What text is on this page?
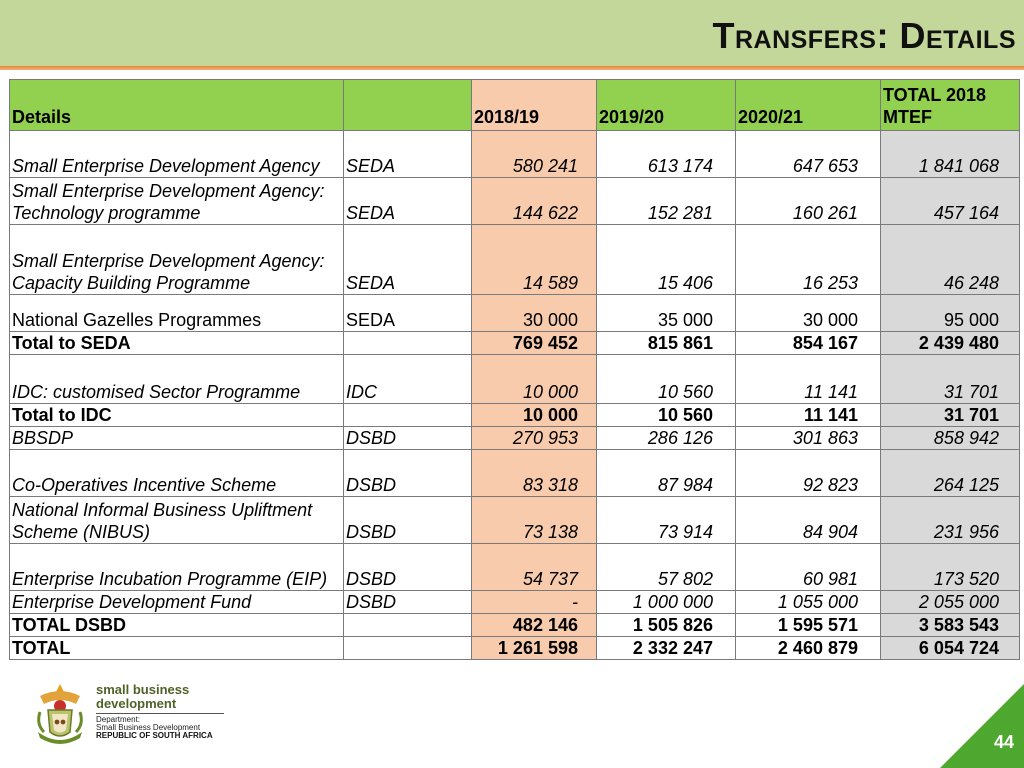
Transfers: Details
Details		2018/19	2019/20	2020/21	TOTAL 2018 MTEF
Small Enterprise Development Agency	SEDA	580 241	613 174	647 653	1 841 068
Small Enterprise Development Agency: Technology programme	SEDA	144 622	152 281	160 261	457 164
Small Enterprise Development Agency: Capacity Building Programme	SEDA	14 589	15 406	16 253	46 248
National Gazelles Programmes	SEDA	30 000	35 000	30 000	95 000
Total to SEDA		769 452	815 861	854 167	2 439 480
IDC: customised Sector Programme	IDC	10 000	10 560	11 141	31 701
Total to IDC		10 000	10 560	11 141	31 701
BBSDP	DSBD	270 953	286 126	301 863	858 942
Co-Operatives Incentive Scheme	DSBD	83 318	87 984	92 823	264 125
National Informal Business Upliftment Scheme (NIBUS)	DSBD	73 138	73 914	84 904	231 956
Enterprise Incubation Programme (EIP)	DSBD	54 737	57 802	60 981	173 520
Enterprise Development Fund	DSBD	-	1 000 000	1 055 000	2 055 000
TOTAL DSBD		482 146	1 505 826	1 595 571	3 583 543
TOTAL		1 261 598	2 332 247	2 460 879	6 054 724
small business
development
Department:
Small Business Development
REPUBLIC OF SOUTH AFRICA	44
